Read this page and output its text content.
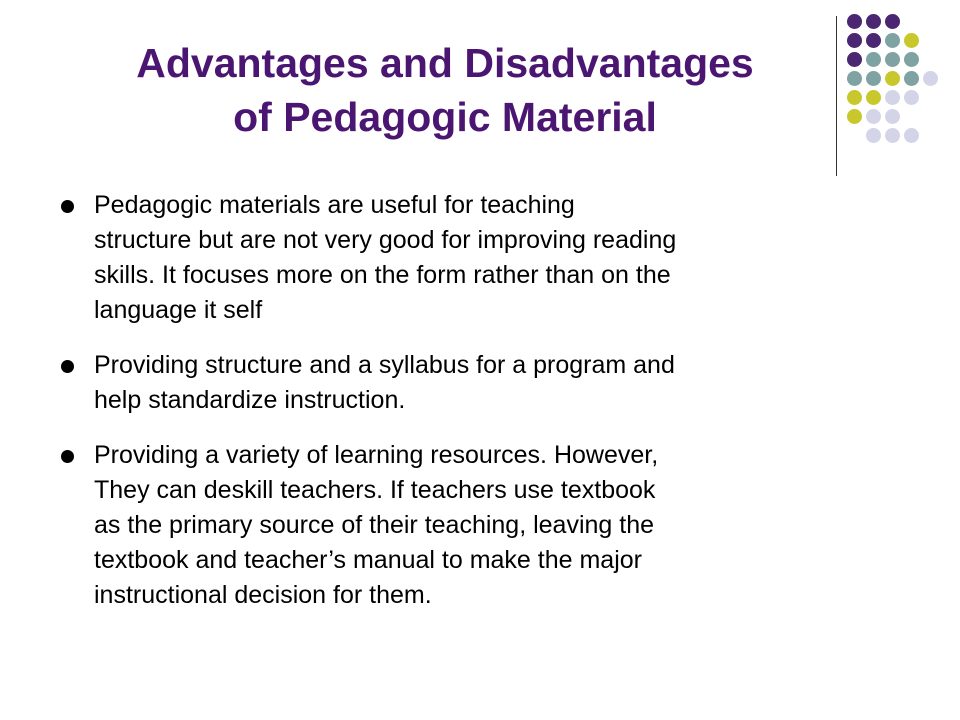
Advantages and Disadvantages
of Pedagogic Material
Pedagogic materials are useful for teaching
structure but are not very good for improving reading
skills. It focuses more on the form rather than on the
language it self
Providing structure and a syllabus for a program and
help standardize instruction.
Providing a variety of learning resources. However,
They can deskill teachers. If teachers use textbook
as the primary source of their teaching, leaving the
textbook and teacher’s manual to make the major
instructional decision for them.
